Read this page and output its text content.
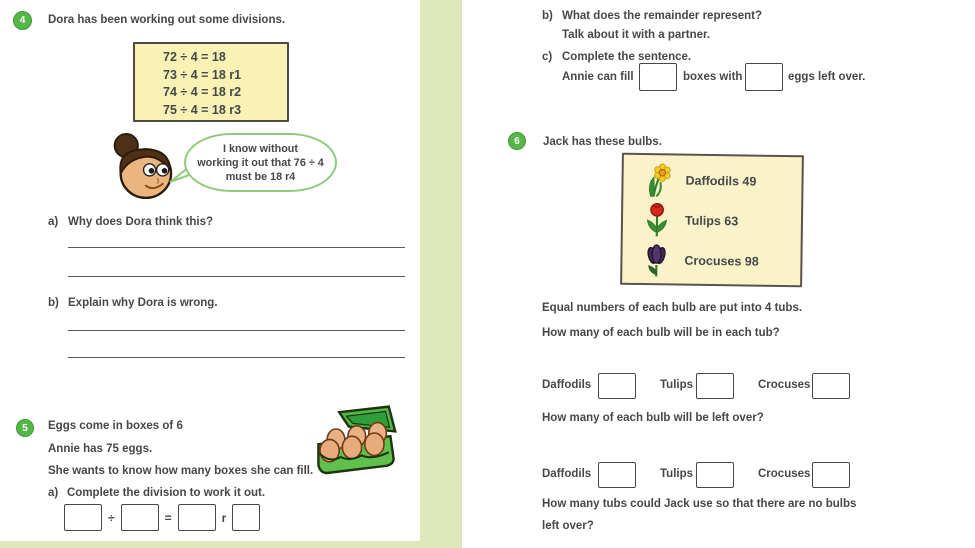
4 Dora has been working out some divisions.
72 ÷ 4 = 18
73 ÷ 4 = 18 r1
74 ÷ 4 = 18 r2
75 ÷ 4 = 18 r3
I know without
working it out that 76 ÷ 4
must be 18 r4
a) Why does Dora think this?
b) Explain why Dora is wrong.
5 Eggs come in boxes of 6
Annie has 75 eggs.
She wants to know how many boxes she can fill.
a) Complete the division to work it out.
÷	=	r
b) What does the remainder represent?
Talk about it with a partner.
c) Complete the sentence.
Annie can fill	boxes with	eggs left over.
6 Jack has these bulbs.
Daffodils 49
Tulips 63
Crocuses 98
Equal numbers of each bulb are put into 4 tubs.
How many of each bulb will be in each tub?
Daffodils	Tulips	Crocuses
How many of each bulb will be left over?
Daffodils	Tulips	Crocuses
How many tubs could Jack use so that there are no bulbs
left over?
